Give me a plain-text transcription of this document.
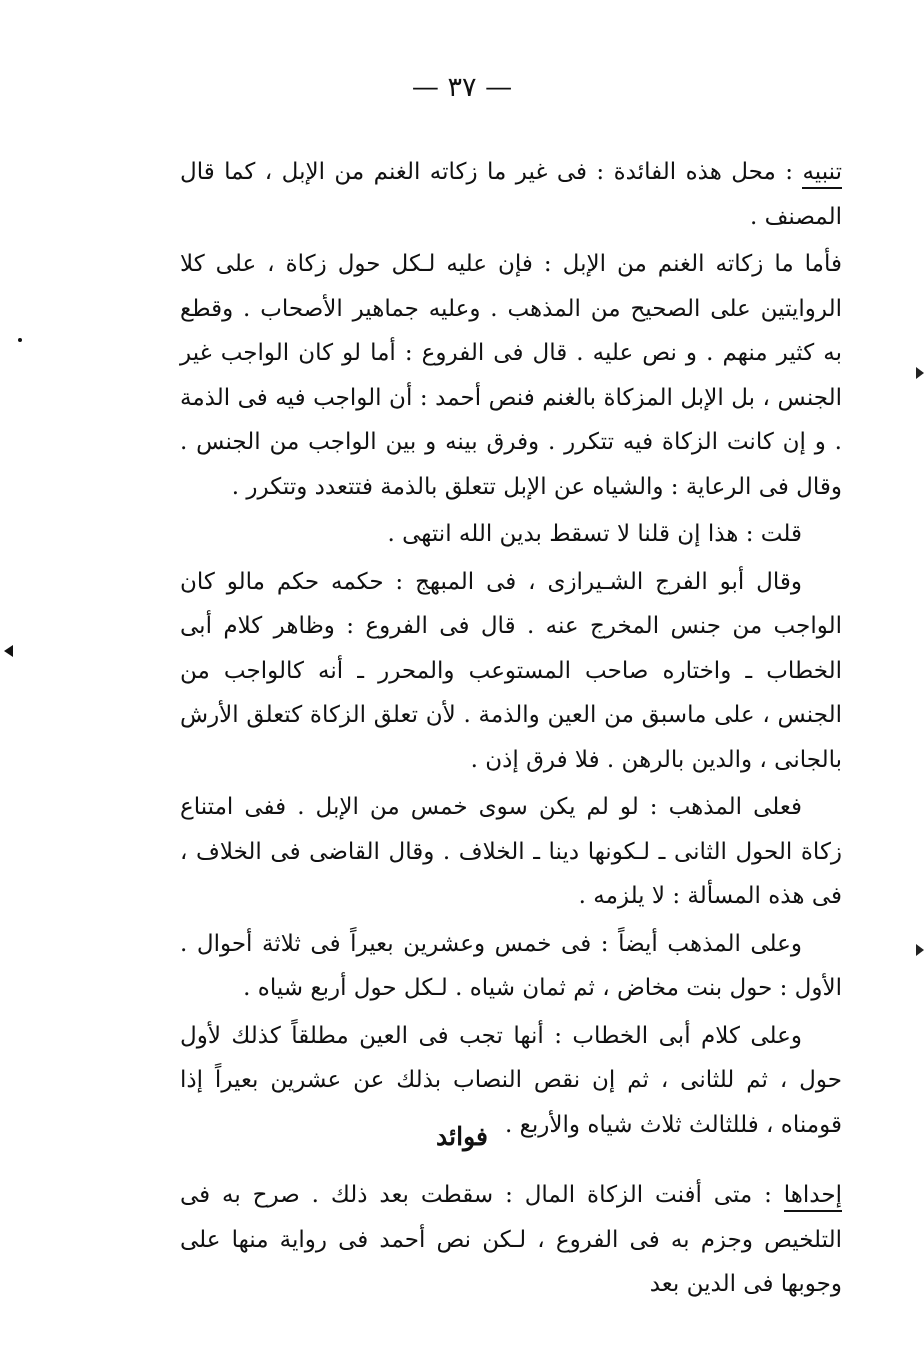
— ٣٧ —

تنبيه : محل هذه الفائدة : فى غير ما زكاته الغنم من الإبل ، كما قال المصنف .

فأما ما زكاته الغنم من الإبل : فإن عليه لـكل حول زكاة ، على كلا الروايتين على الصحيح من المذهب . وعليه جماهير الأصحاب . وقطع به كثير منهم . و نص عليه . قال فى الفروع : أما لو كان الواجب غير الجنس ، بل الإبل المزكاة بالغنم فنص أحمد : أن الواجب فيه فى الذمة . و إن كانت الزكاة فيه تتكرر . وفرق بينه و بين الواجب من الجنس . وقال فى الرعاية : والشياه عن الإبل تتعلق بالذمة فتتعدد وتتكرر .

قلت : هذا إن قلنا لا تسقط بدين الله انتهى .

وقال أبو الفرج الشـيرازى ، فى المبهج : حكمه حكم مالو كان الواجب من جنس المخرج عنه . قال فى الفروع : وظاهر كلام أبى الخطاب ـ واختاره صاحب المستوعب والمحرر ـ أنه كالواجب من الجنس ، على ماسبق من العين والذمة . لأن تعلق الزكاة كتعلق الأرش بالجانى ، والدين بالرهن . فلا فرق إذن .

فعلى المذهب : لو لم يكن سوى خمس من الإبل . ففى امتناع زكاة الحول الثانى ـ لـكونها دينا ـ الخلاف . وقال القاضى فى الخلاف ، فى هذه المسألة : لا يلزمه .

وعلى المذهب أيضاً : فى خمس وعشرين بعيراً فى ثلاثة أحوال . الأول : حول بنت مخاض ، ثم ثمان شياه . لـكل حول أربع شياه .

وعلى كلام أبى الخطاب : أنها تجب فى العين مطلقاً كذلك لأول حول ، ثم للثانى ، ثم إن نقص النصاب بذلك عن عشرين بعيراً إذا قومناه ، فللثالث ثلاث شياه والأربع .

فوائد

إحداها : متى أفنت الزكاة المال : سقطت بعد ذلك . صرح به فى التلخيص وجزم به فى الفروع ، لـكن نص أحمد فى رواية منها على وجوبها فى الدين بعد
